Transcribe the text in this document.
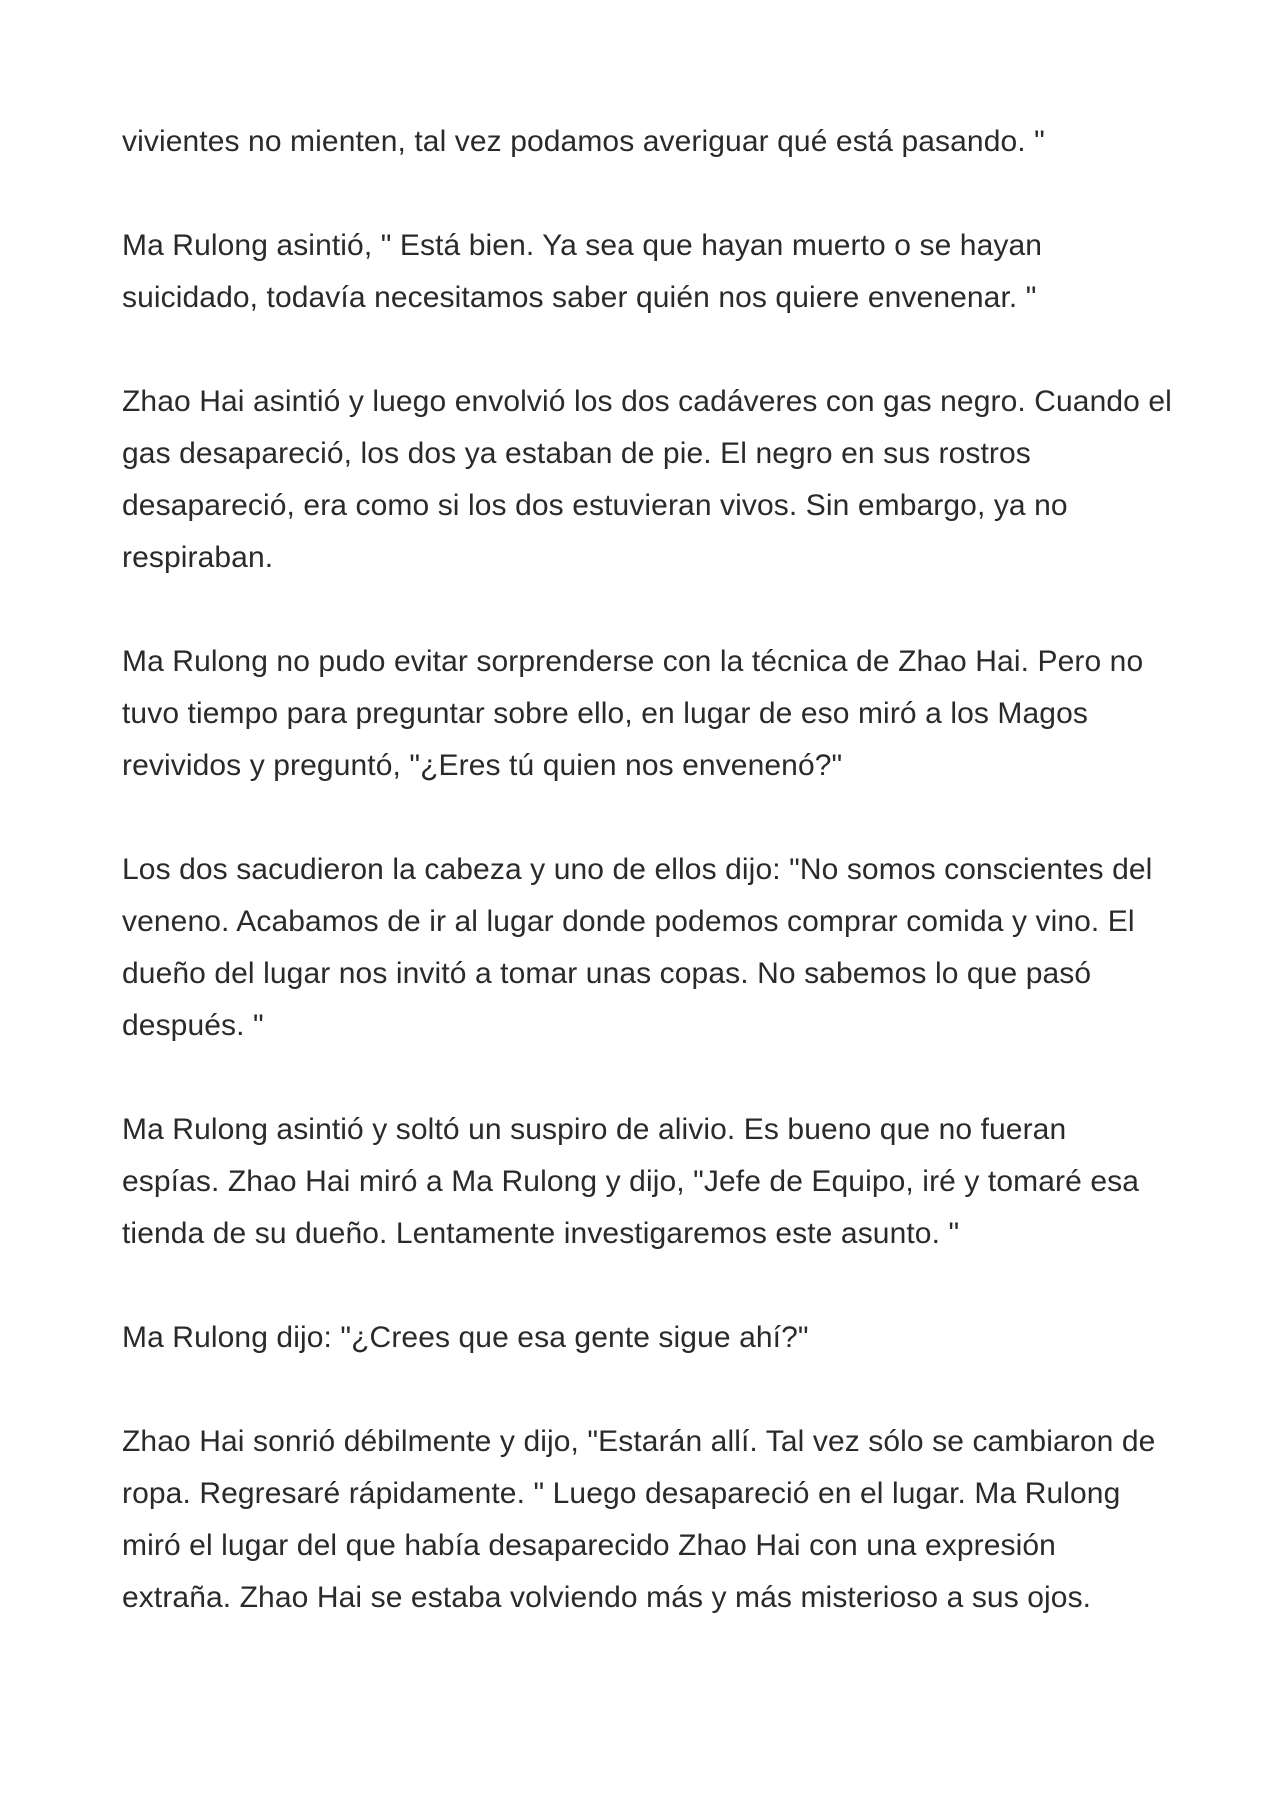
vivientes no mienten, tal vez podamos averiguar qué está pasando. "

Ma Rulong asintió, " Está bien. Ya sea que hayan muerto o se hayan suicidado, todavía necesitamos saber quién nos quiere envenenar. "

Zhao Hai asintió y luego envolvió los dos cadáveres con gas negro. Cuando el gas desapareció, los dos ya estaban de pie. El negro en sus rostros desapareció, era como si los dos estuvieran vivos. Sin embargo, ya no respiraban.

Ma Rulong no pudo evitar sorprenderse con la técnica de Zhao Hai. Pero no tuvo tiempo para preguntar sobre ello, en lugar de eso miró a los Magos revividos y preguntó, "¿Eres tú quien nos envenenó?"

Los dos sacudieron la cabeza y uno de ellos dijo: "No somos conscientes del veneno. Acabamos de ir al lugar donde podemos comprar comida y vino. El dueño del lugar nos invitó a tomar unas copas. No sabemos lo que pasó después. "

Ma Rulong asintió y soltó un suspiro de alivio. Es bueno que no fueran espías. Zhao Hai miró a Ma Rulong y dijo, "Jefe de Equipo, iré y tomaré esa tienda de su dueño. Lentamente investigaremos este asunto. "

Ma Rulong dijo: "¿Crees que esa gente sigue ahí?"

Zhao Hai sonrió débilmente y dijo, "Estarán allí. Tal vez sólo se cambiaron de ropa. Regresaré rápidamente. " Luego desapareció en el lugar. Ma Rulong miró el lugar del que había desaparecido Zhao Hai con una expresión extraña. Zhao Hai se estaba volviendo más y más misterioso a sus ojos.
